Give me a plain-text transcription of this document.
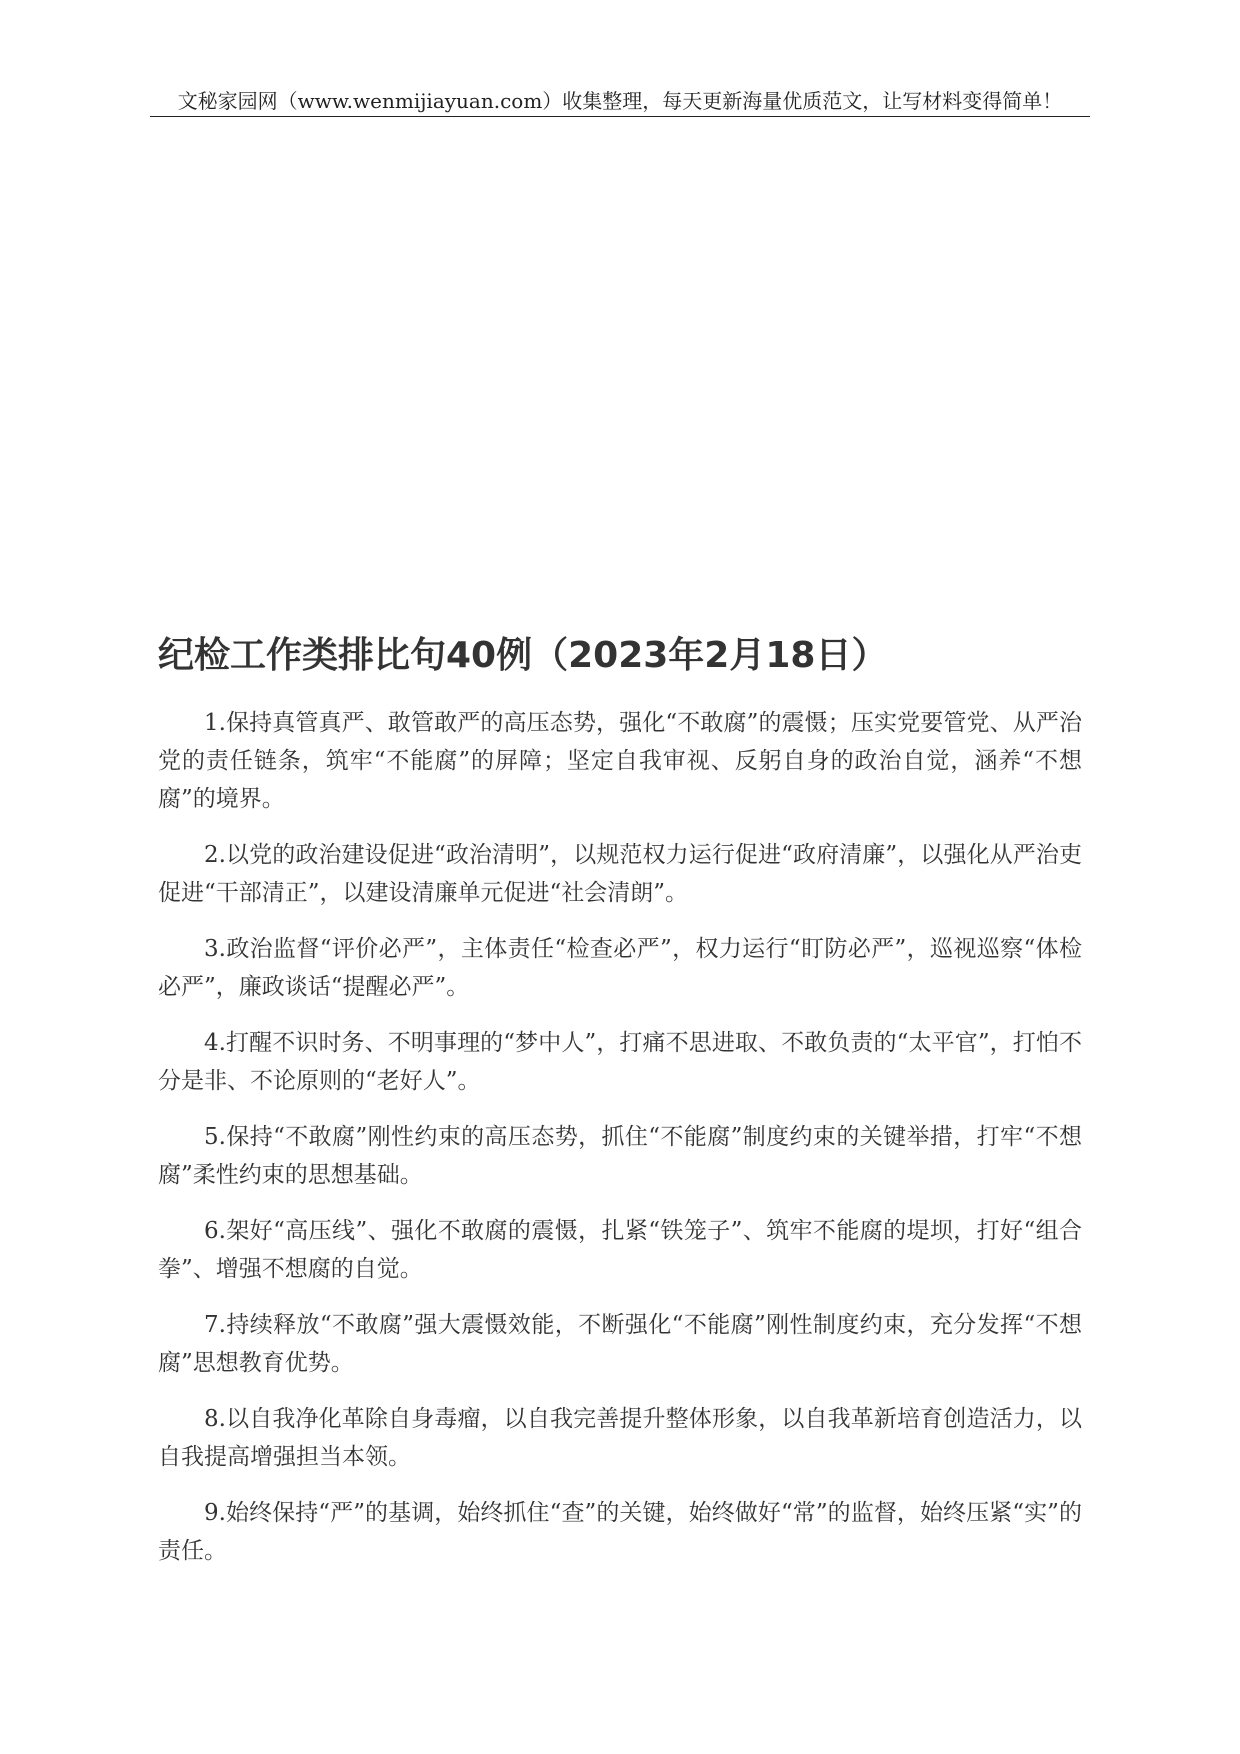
文秘家园网（www.wenmijiayuan.com）收集整理，每天更新海量优质范文，让写材料变得简单！
纪检工作类排比句40例（2023年2月18日）

1.保持真管真严、敢管敢严的高压态势，强化“不敢腐”的震慑；压实党要管党、从严治党的责任链条，筑牢“不能腐”的屏障；坚定自我审视、反躬自身的政治自觉，涵养“不想腐”的境界。

2.以党的政治建设促进“政治清明”，以规范权力运行促进“政府清廉”，以强化从严治吏促进“干部清正”，以建设清廉单元促进“社会清朗”。

3.政治监督“评价必严”，主体责任“检查必严”，权力运行“盯防必严”，巡视巡察“体检必严”，廉政谈话“提醒必严”。

4.打醒不识时务、不明事理的“梦中人”，打痛不思进取、不敢负责的“太平官”，打怕不分是非、不论原则的“老好人”。

5.保持“不敢腐”刚性约束的高压态势，抓住“不能腐”制度约束的关键举措，打牢“不想腐”柔性约束的思想基础。

6.架好“高压线”、强化不敢腐的震慑，扎紧“铁笼子”、筑牢不能腐的堤坝，打好“组合拳”、增强不想腐的自觉。

7.持续释放“不敢腐”强大震慑效能，不断强化“不能腐”刚性制度约束，充分发挥“不想腐”思想教育优势。

8.以自我净化革除自身毒瘤，以自我完善提升整体形象，以自我革新培育创造活力，以自我提高增强担当本领。

9.始终保持“严”的基调，始终抓住“查”的关键，始终做好“常”的监督，始终压紧“实”的责任。
